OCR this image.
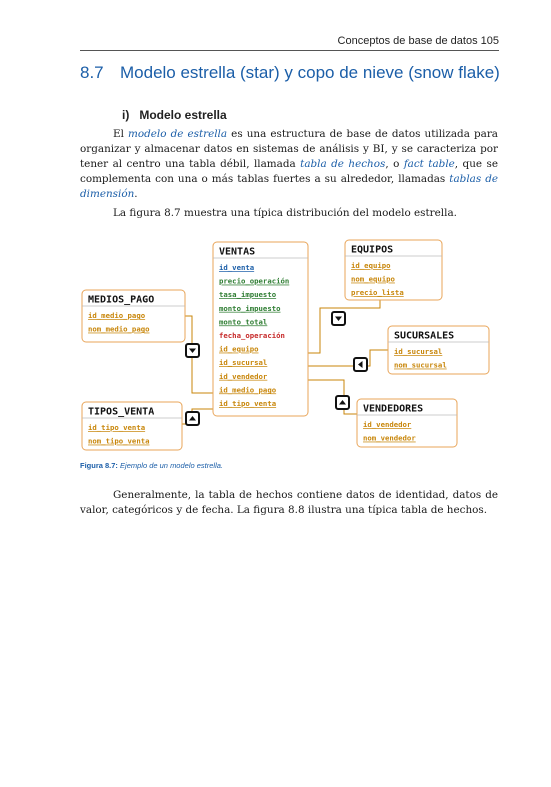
Conceptos de base de datos 105
8.7 Modelo estrella (star) y copo de nieve (snow flake)
i)   Modelo estrella

El modelo de estrella es una estructura de base de datos utilizada para organizar y almacenar datos en sistemas de análisis y BI, y se caracteriza por tener al centro una tabla débil, llamada tabla de hechos, o fact table, que se complementa con una o más tablas fuertes a su alrededor, llamadas tablas de dimensión.

La figura 8.7 muestra una típica distribución del modelo estrella.

VENTAS
id_venta
precio_operación
tasa_impuesto
monto_impuesto
monto_total
fecha_operación
id_equipo
id_sucursal
id_vendedor
id_medio_pago
id_tipo_venta
EQUIPOS
id_equipo
nom_equipo
precio_lista
MEDIOS_PAGO
id_medio_pago
nom_medio_pago
SUCURSALES
id_sucursal
nom_sucursal
TIPOS_VENTA
id_tipo_venta
nom_tipo_venta
VENDEDORES
id_vendedor
nom_vendedor
Figura 8.7: Ejemplo de un modelo estrella.

Generalmente, la tabla de hechos contiene datos de identidad, datos de valor, categóricos y de fecha. La figura 8.8 ilustra una típica tabla de hechos.
